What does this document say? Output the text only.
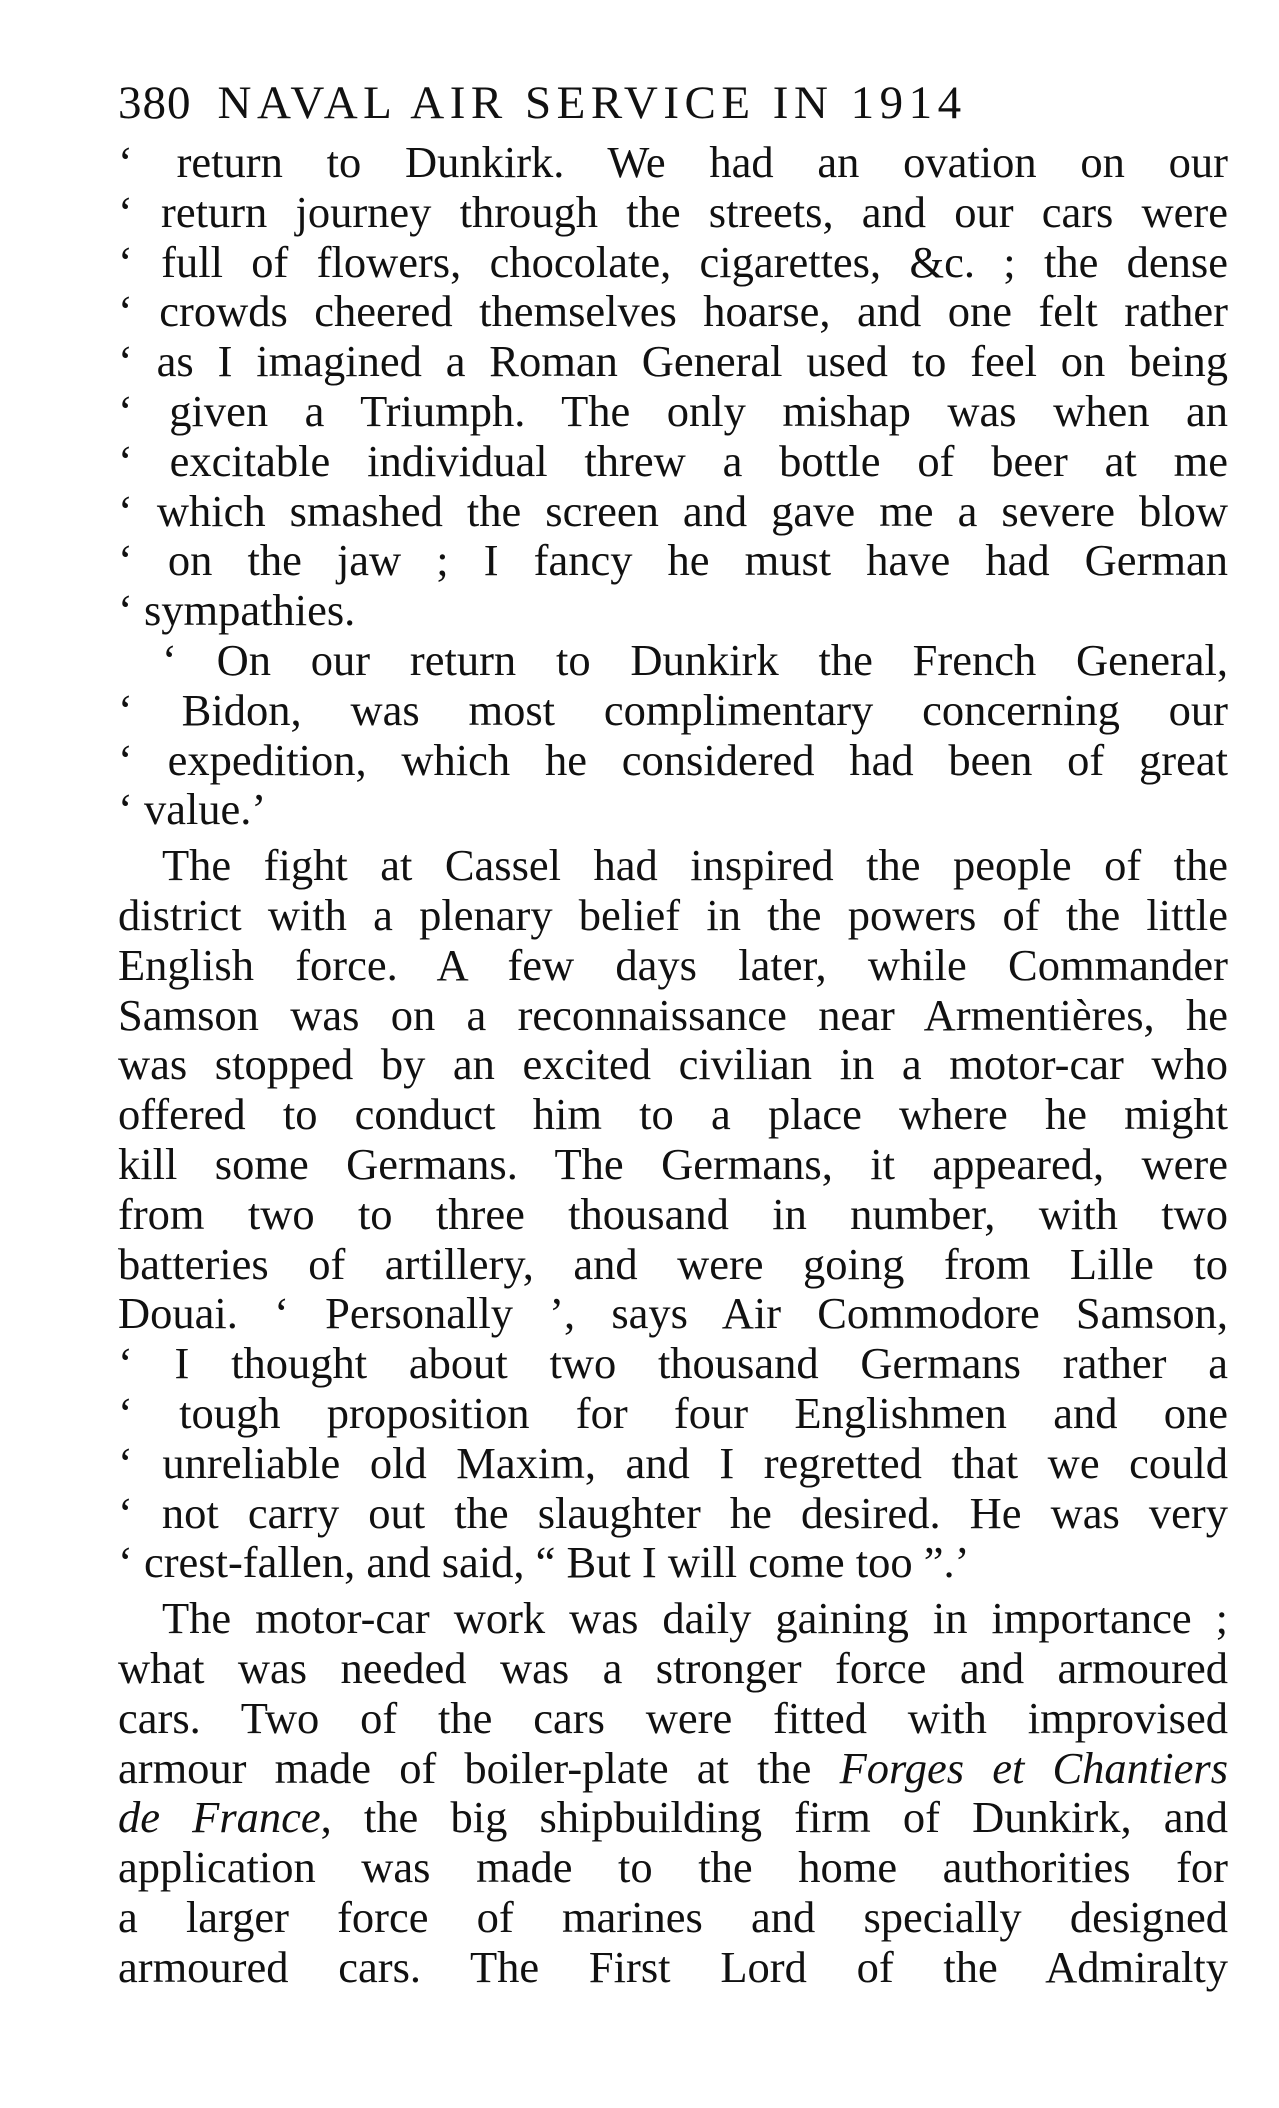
380 NAVAL AIR SERVICE IN 1914
‘ return to Dunkirk. We had an ovation on our
‘ return journey through the streets, and our cars were
‘ full of flowers, chocolate, cigarettes, &c. ; the dense
‘ crowds cheered themselves hoarse, and one felt rather
‘ as I imagined a Roman General used to feel on being
‘ given a Triumph. The only mishap was when an
‘ excitable individual threw a bottle of beer at me
‘ which smashed the screen and gave me a severe blow
‘ on the jaw ; I fancy he must have had German
‘ sympathies.
‘ On our return to Dunkirk the French General,
‘ Bidon, was most complimentary concerning our
‘ expedition, which he considered had been of great
‘ value.’
The fight at Cassel had inspired the people of the
district with a plenary belief in the powers of the little
English force. A few days later, while Commander
Samson was on a reconnaissance near Armentières, he
was stopped by an excited civilian in a motor-car who
offered to conduct him to a place where he might
kill some Germans. The Germans, it appeared, were
from two to three thousand in number, with two
batteries of artillery, and were going from Lille to
Douai. ‘ Personally ’, says Air Commodore Samson,
‘ I thought about two thousand Germans rather a
‘ tough proposition for four Englishmen and one
‘ unreliable old Maxim, and I regretted that we could
‘ not carry out the slaughter he desired. He was very
‘ crest-fallen, and said, “ But I will come too ”.’
The motor-car work was daily gaining in importance ;
what was needed was a stronger force and armoured
cars. Two of the cars were fitted with improvised
armour made of boiler-plate at the Forges et Chantiers
de France, the big shipbuilding firm of Dunkirk, and
application was made to the home authorities for
a larger force of marines and specially designed
armoured cars. The First Lord of the Admiralty
